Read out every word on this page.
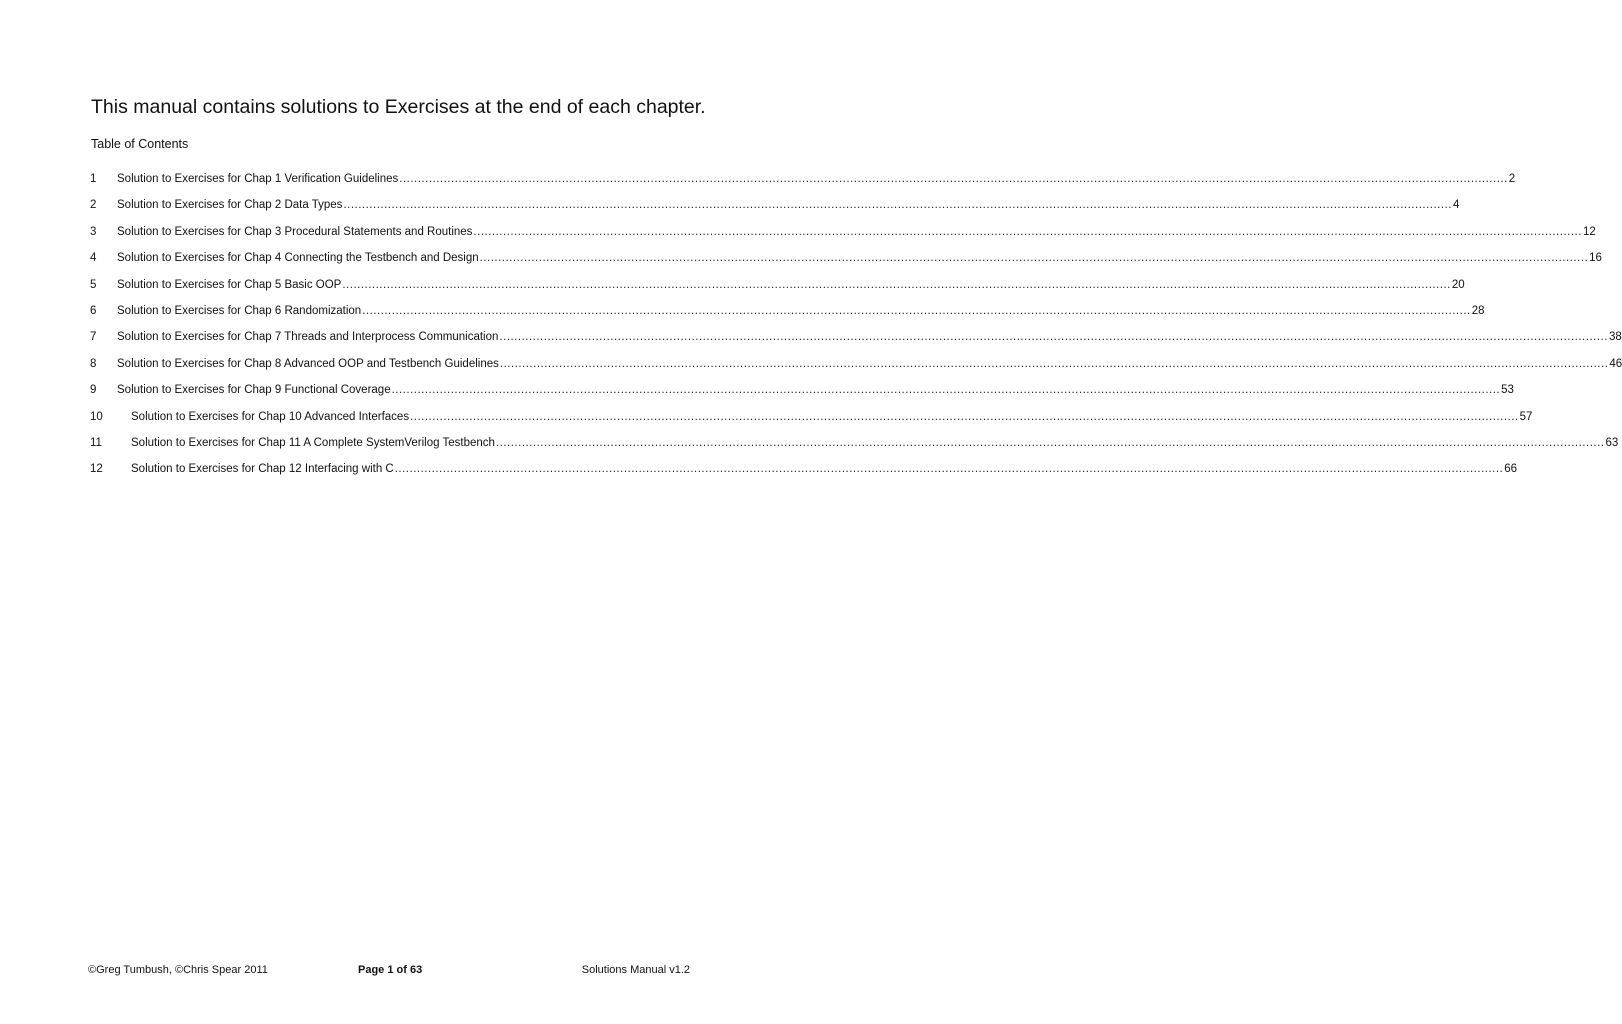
This manual contains solutions to Exercises at the end of each chapter.
Table of Contents
1	Solution to Exercises for Chap 1 Verification Guidelines ............................................................................................................................................................................................................................................................................................................ 2
2	Solution to Exercises for Chap 2 Data Types ............................................................................................................................................................................................................................................................................................................ 4
3	Solution to Exercises for Chap 3 Procedural Statements and Routines ............................................................................................................................................................................................................................................................................................................ 12
4	Solution to Exercises for Chap 4 Connecting the Testbench and Design ............................................................................................................................................................................................................................................................................................................ 16
5	Solution to Exercises for Chap 5 Basic OOP ............................................................................................................................................................................................................................................................................................................ 20
6	Solution to Exercises for Chap 6 Randomization ............................................................................................................................................................................................................................................................................................................ 28
7	Solution to Exercises for Chap 7 Threads and Interprocess Communication ............................................................................................................................................................................................................................................................................................................ 38
8	Solution to Exercises for Chap 8 Advanced OOP and Testbench Guidelines ............................................................................................................................................................................................................................................................................................................ 46
9	Solution to Exercises for Chap 9 Functional Coverage ............................................................................................................................................................................................................................................................................................................ 53
10	Solution to Exercises for Chap 10 Advanced Interfaces ............................................................................................................................................................................................................................................................................................................ 57
11	Solution to Exercises for Chap 11 A Complete SystemVerilog Testbench ............................................................................................................................................................................................................................................................................................................ 63
12	Solution to Exercises for Chap 12 Interfacing with C ............................................................................................................................................................................................................................................................................................................ 66
©Greg Tumbush, ©Chris Spear 2011	Page 1 of 63	Solutions Manual v1.2
